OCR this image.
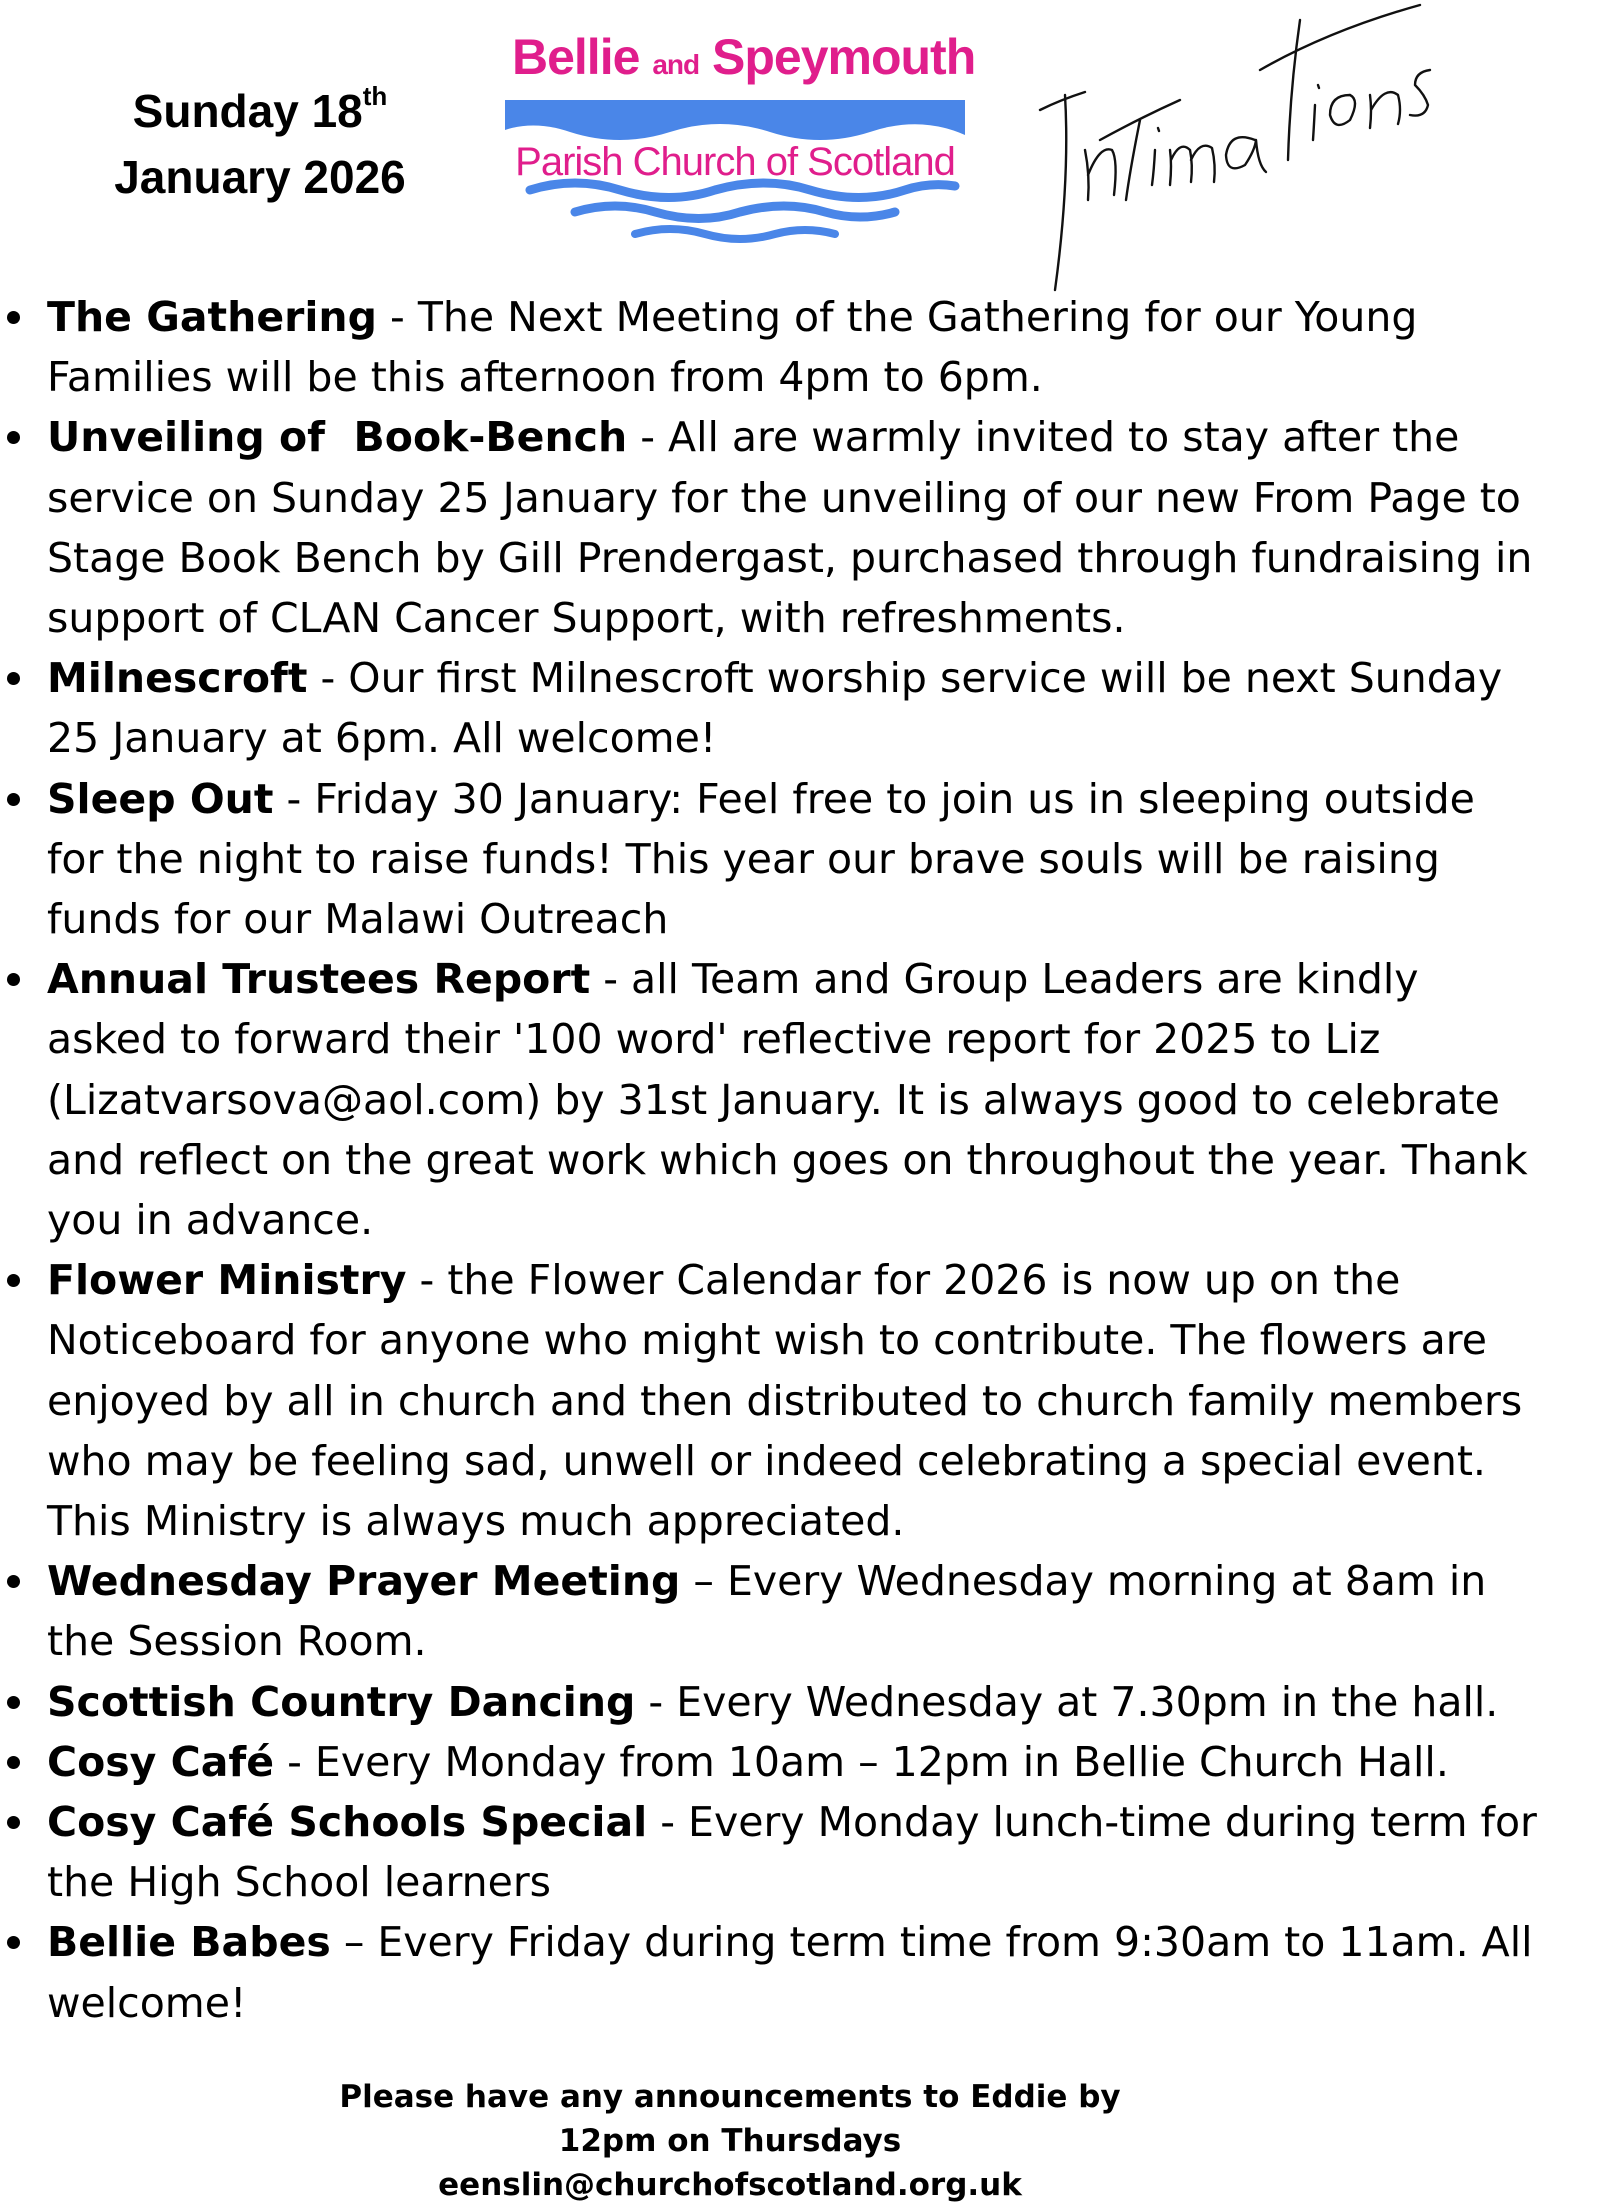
Sunday 18th
January 2026
Bellie and Speymouth
Parish Church of Scotland
The Gathering - The Next Meeting of the Gathering for our Young Families will be this afternoon from 4pm to 6pm.
Unveiling of  Book-Bench - All are warmly invited to stay after the service on Sunday 25 January for the unveiling of our new From Page to Stage Book Bench by Gill Prendergast, purchased through fundraising in support of CLAN Cancer Support, with refreshments.
Milnescroft - Our first Milnescroft worship service will be next Sunday 25 January at 6pm. All welcome!
Sleep Out - Friday 30 January: Feel free to join us in sleeping outside for the night to raise funds! This year our brave souls will be raising funds for our Malawi Outreach
Annual Trustees Report - all Team and Group Leaders are kindly asked to forward their '100 word' reflective report for 2025 to Liz (Lizatvarsova@aol.com) by 31st January. It is always good to celebrate and reflect on the great work which goes on throughout the year. Thank you in advance.
Flower Ministry - the Flower Calendar for 2026 is now up on the Noticeboard for anyone who might wish to contribute. The flowers are enjoyed by all in church and then distributed to church family members who may be feeling sad, unwell or indeed celebrating a special event. This Ministry is always much appreciated.
Wednesday Prayer Meeting – Every Wednesday morning at 8am in the Session Room.
Scottish Country Dancing - Every Wednesday at 7.30pm in the hall.
Cosy Café - Every Monday from 10am – 12pm in Bellie Church Hall.
Cosy Café Schools Special - Every Monday lunch-time during term for the High School learners
Bellie Babes – Every Friday during term time from 9:30am to 11am. All welcome!
Please have any announcements to Eddie by
12pm on Thursdays
eenslin@churchofscotland.org.uk
